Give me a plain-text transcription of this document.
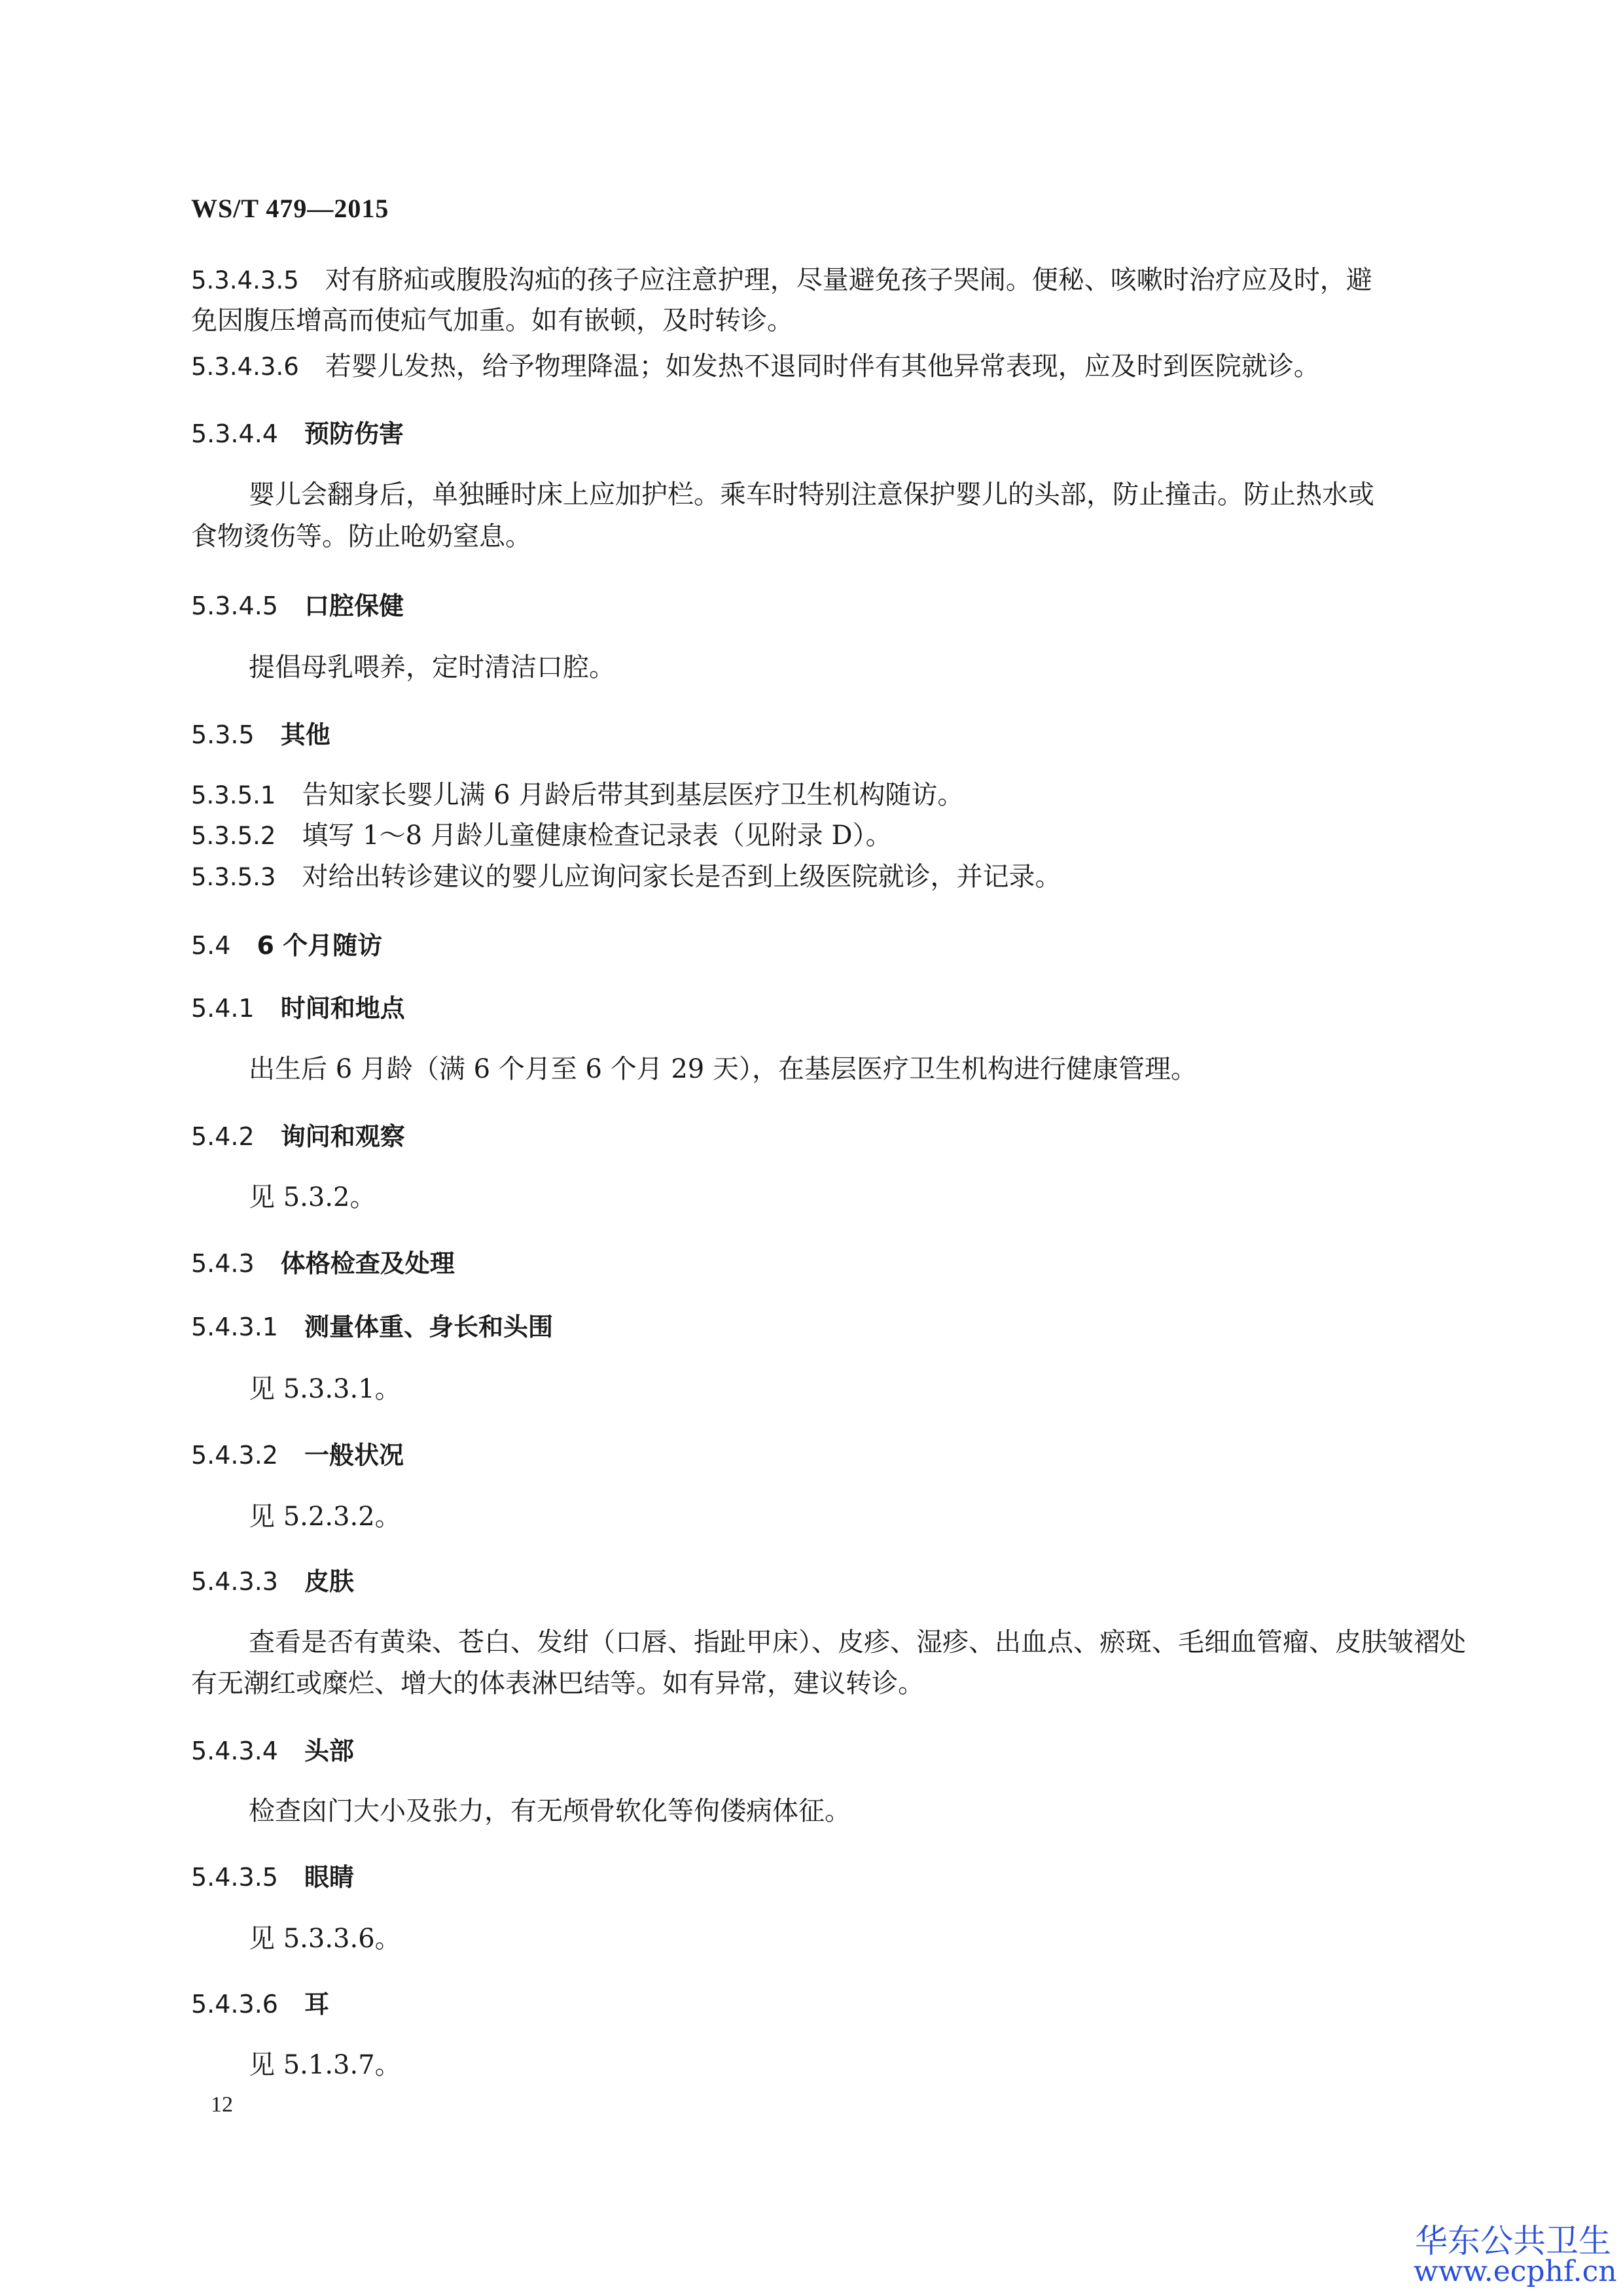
WS/T 479—2015
5.3.4.3.5 对有脐疝或腹股沟疝的孩子应注意护理，尽量避免孩子哭闹。便秘、咳嗽时治疗应及时，避
免因腹压增高而使疝气加重。如有嵌顿，及时转诊。
5.3.4.3.6 若婴儿发热，给予物理降温；如发热不退同时伴有其他异常表现，应及时到医院就诊。
5.3.4.4 预防伤害
婴儿会翻身后，单独睡时床上应加护栏。乘车时特别注意保护婴儿的头部，防止撞击。防止热水或
食物烫伤等。防止呛奶窒息。
5.3.4.5 口腔保健
提倡母乳喂养，定时清洁口腔。
5.3.5 其他
5.3.5.1 告知家长婴儿满 6 月龄后带其到基层医疗卫生机构随访。
5.3.5.2 填写 1～8 月龄儿童健康检查记录表（见附录 D）。
5.3.5.3 对给出转诊建议的婴儿应询问家长是否到上级医院就诊，并记录。
5.4 6 个月随访
5.4.1 时间和地点
出生后 6 月龄（满 6 个月至 6 个月 29 天），在基层医疗卫生机构进行健康管理。
5.4.2 询问和观察
见 5.3.2。
5.4.3 体格检查及处理
5.4.3.1 测量体重、身长和头围
见 5.3.3.1。
5.4.3.2 一般状况
见 5.2.3.2。
5.4.3.3 皮肤
查看是否有黄染、苍白、发绀（口唇、指趾甲床）、皮疹、湿疹、出血点、瘀斑、毛细血管瘤、皮肤皱褶处
有无潮红或糜烂、增大的体表淋巴结等。如有异常，建议转诊。
5.4.3.4 头部
检查囟门大小及张力，有无颅骨软化等佝偻病体征。
5.4.3.5 眼睛
见 5.3.3.6。
5.4.3.6 耳
见 5.1.3.7。
12
华东公共卫生
www.ecphf.cn
